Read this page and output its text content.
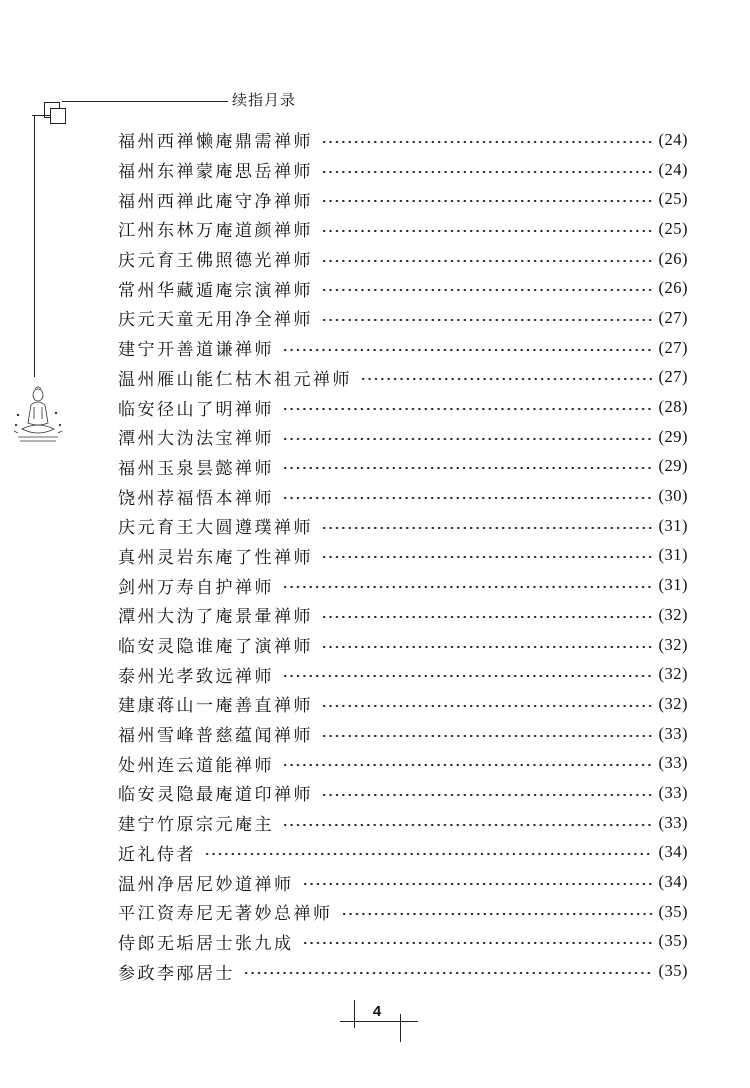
续指月录
福州西禅懒庵鼎需禅师	(24)
福州东禅蒙庵思岳禅师	(24)
福州西禅此庵守净禅师	(25)
江州东林万庵道颜禅师	(25)
庆元育王佛照德光禅师	(26)
常州华藏遁庵宗演禅师	(26)
庆元天童无用净全禅师	(27)
建宁开善道谦禅师	(27)
温州雁山能仁枯木祖元禅师	(27)
临安径山了明禅师	(28)
潭州大沩法宝禅师	(29)
福州玉泉昙懿禅师	(29)
饶州荐福悟本禅师	(30)
庆元育王大圆遵璞禅师	(31)
真州灵岩东庵了性禅师	(31)
剑州万寿自护禅师	(31)
潭州大沩了庵景暈禅师	(32)
临安灵隐谁庵了演禅师	(32)
泰州光孝致远禅师	(32)
建康蒋山一庵善直禅师	(32)
福州雪峰普慈蕴闻禅师	(33)
处州连云道能禅师	(33)
临安灵隐最庵道印禅师	(33)
建宁竹原宗元庵主	(33)
近礼侍者	(34)
温州净居尼妙道禅师	(34)
平江资寿尼无著妙总禅师	(35)
侍郎无垢居士张九成	(35)
参政李邴居士	(35)
4
